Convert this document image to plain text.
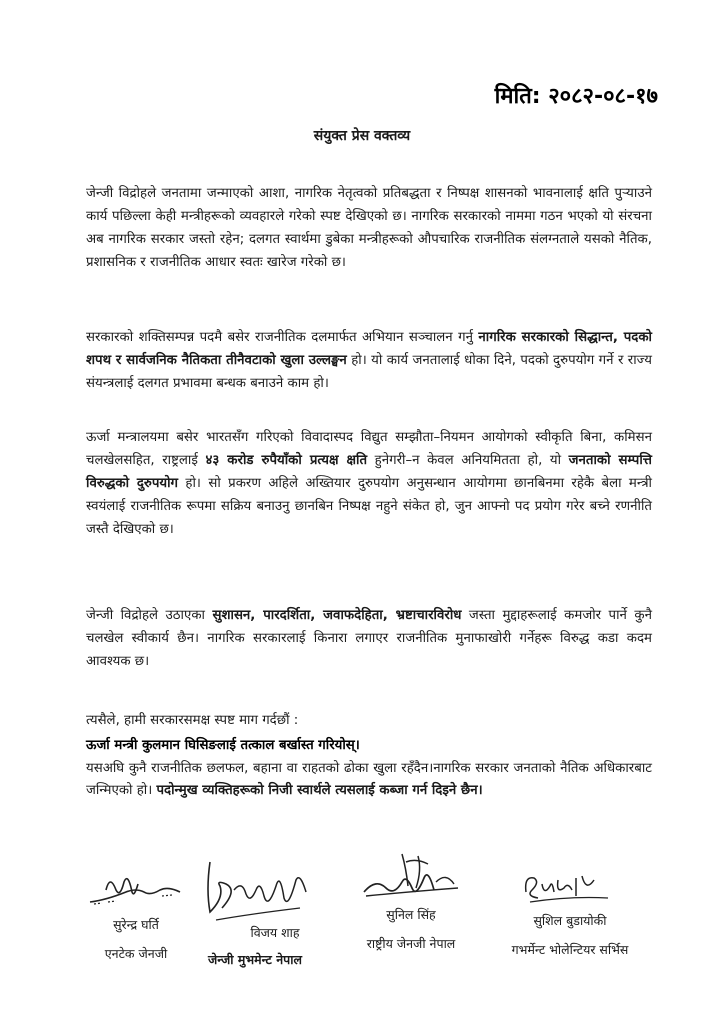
मिति: २०८२-०८-१७
संयुक्त प्रेस वक्तव्य

जेन्जी विद्रोहले जनतामा जन्माएको आशा, नागरिक नेतृत्वको प्रतिबद्धता र निष्पक्ष शासनको भावनालाई क्षति पुर्‍याउने कार्य पछिल्ला केही मन्त्रीहरूको व्यवहारले गरेको स्पष्ट देखिएको छ। नागरिक सरकारको नाममा गठन भएको यो संरचना अब नागरिक सरकार जस्तो रहेन; दलगत स्वार्थमा डुबेका मन्त्रीहरूको औपचारिक राजनीतिक संलग्नताले यसको नैतिक, प्रशासनिक र राजनीतिक आधार स्वतः खारेज गरेको छ।

सरकारको शक्तिसम्पन्न पदमै बसेर राजनीतिक दलमार्फत अभियान सञ्चालन गर्नु नागरिक सरकारको सिद्धान्त, पदको शपथ र सार्वजनिक नैतिकता तीनैवटाको खुला उल्लङ्घन हो। यो कार्य जनतालाई धोका दिने, पदको दुरुपयोग गर्ने र राज्य संयन्त्रलाई दलगत प्रभावमा बन्धक बनाउने काम हो।

ऊर्जा मन्त्रालयमा बसेर भारतसँग गरिएको विवादास्पद विद्युत सम्झौता–नियमन आयोगको स्वीकृति बिना, कमिसन चलखेलसहित, राष्ट्रलाई ४३ करोड रुपैयाँको प्रत्यक्ष क्षति हुनेगरी–न केवल अनियमितता हो, यो जनताको सम्पत्ति विरुद्धको दुरुपयोग हो। सो प्रकरण अहिले अख्तियार दुरुपयोग अनुसन्धान आयोगमा छानबिनमा रहेकै बेला मन्त्री स्वयंलाई राजनीतिक रूपमा सक्रिय बनाउनु छानबिन निष्पक्ष नहुने संकेत हो, जुन आफ्नो पद प्रयोग गरेर बच्ने रणनीति जस्तै देखिएको छ।

जेन्जी विद्रोहले उठाएका सुशासन, पारदर्शिता, जवाफदेहिता, भ्रष्टाचारविरोध जस्ता मुद्दाहरूलाई कमजोर पार्ने कुनै चलखेल स्वीकार्य छैन। नागरिक सरकारलाई किनारा लगाएर राजनीतिक मुनाफाखोरी गर्नेहरू विरुद्ध कडा कदम आवश्यक छ।

त्यसैले, हामी सरकारसमक्ष स्पष्ट माग गर्दछौं :
ऊर्जा मन्त्री कुलमान घिसिङलाई तत्काल बर्खास्त गरियोस्।

यसअघि कुनै राजनीतिक छलफल, बहाना वा राहतको ढोका खुला रहँदैन।नागरिक सरकार जनताको नैतिक अधिकारबाट जन्मिएको हो। पदोन्मुख व्यक्तिहरूको निजी स्वार्थले त्यसलाई कब्जा गर्न दिइने छैन।

सुरेन्द्र घर्ति
एनटेक जेनजी
विजय शाह
जेन्जी मुभमेन्ट नेपाल
सुनिल सिंह
राष्ट्रीय जेनजी नेपाल
सुशिल बुडायोकी
गभर्मेन्ट भोलेन्टियर सर्भिस
